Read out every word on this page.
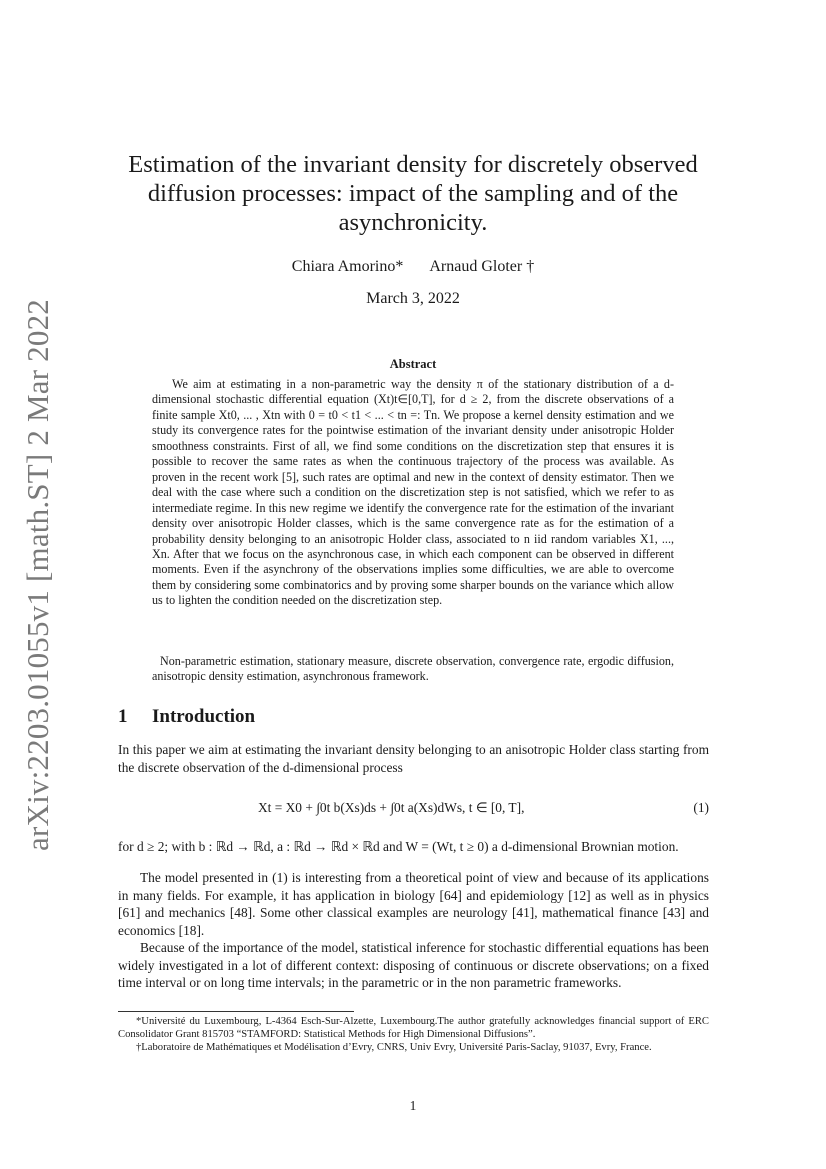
arXiv:2203.01055v1 [math.ST] 2 Mar 2022
Estimation of the invariant density for discretely observed
diffusion processes: impact of the sampling and of the
asynchronicity.
Chiara Amorino* Arnaud Gloter †
March 3, 2022
Abstract

We aim at estimating in a non-parametric way the density π of the stationary distribution of a d-dimensional stochastic differential equation (Xt)t∈[0,T], for d ≥ 2, from the discrete observations of a finite sample Xt0, ... , Xtn with 0 = t0 < t1 < ... < tn =: Tn. We propose a kernel density estimation and we study its convergence rates for the pointwise estimation of the invariant density under anisotropic Holder smoothness constraints. First of all, we find some conditions on the discretization step that ensures it is possible to recover the same rates as when the continuous trajectory of the process was available. As proven in the recent work [5], such rates are optimal and new in the context of density estimator. Then we deal with the case where such a condition on the discretization step is not satisfied, which we refer to as intermediate regime. In this new regime we identify the convergence rate for the estimation of the invariant density over anisotropic Holder classes, which is the same convergence rate as for the estimation of a probability density belonging to an anisotropic Holder class, associated to n iid random variables X1, ..., Xn. After that we focus on the asynchronous case, in which each component can be observed in different moments. Even if the asynchrony of the observations implies some difficulties, we are able to overcome them by considering some combinatorics and by proving some sharper bounds on the variance which allow us to lighten the condition needed on the discretization step.

Non-parametric estimation, stationary measure, discrete observation, convergence rate, ergodic diffusion, anisotropic density estimation, asynchronous framework.

1 Introduction

In this paper we aim at estimating the invariant density belonging to an anisotropic Holder class starting from the discrete observation of the d-dimensional process

Xt = X0 + ∫0t b(Xs)ds + ∫0t a(Xs)dWs, t ∈ [0, T],	(1)

for d ≥ 2; with b : ℝd → ℝd, a : ℝd → ℝd × ℝd and W = (Wt, t ≥ 0) a d-dimensional Brownian motion.

The model presented in (1) is interesting from a theoretical point of view and because of its applications in many fields. For example, it has application in biology [64] and epidemiology [12] as well as in physics [61] and mechanics [48]. Some other classical examples are neurology [41], mathematical finance [43] and economics [18].

Because of the importance of the model, statistical inference for stochastic differential equations has been widely investigated in a lot of different context: disposing of continuous or discrete observations; on a fixed time interval or on long time intervals; in the parametric or in the non parametric frameworks.

*Université du Luxembourg, L-4364 Esch-Sur-Alzette, Luxembourg.The author gratefully acknowledges financial support of ERC Consolidator Grant 815703 “STAMFORD: Statistical Methods for High Dimensional Diffusions”.

†Laboratoire de Mathématiques et Modélisation d’Evry, CNRS, Univ Evry, Université Paris-Saclay, 91037, Evry, France.

1
